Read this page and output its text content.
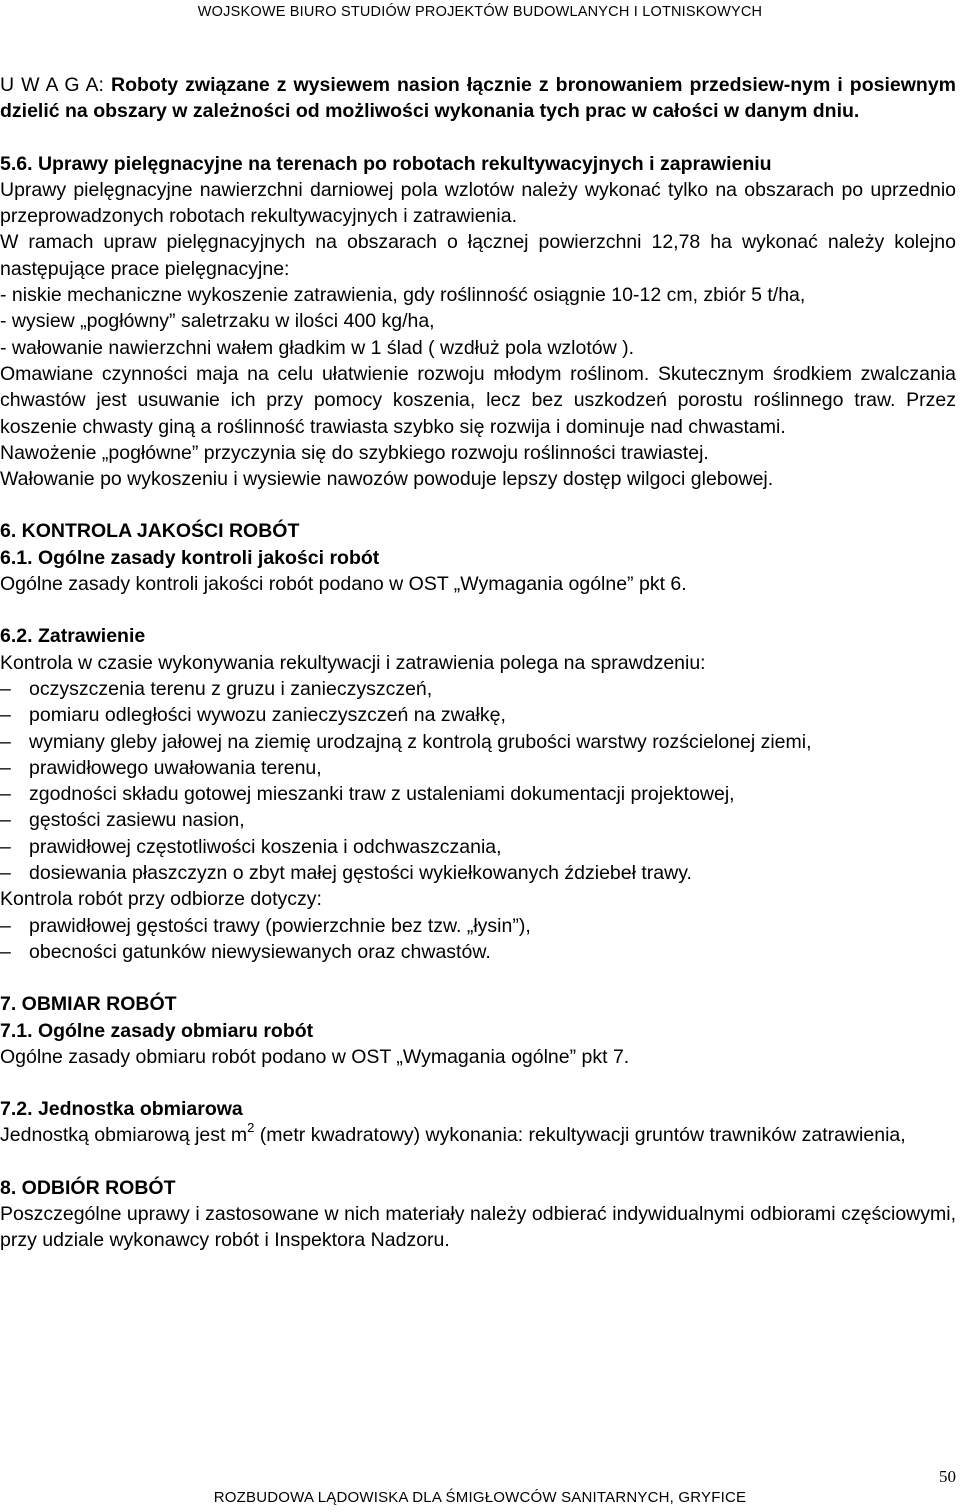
WOJSKOWE BIURO STUDIÓW PROJEKTÓW BUDOWLANYCH I LOTNISKOWYCH

U W A G A: Roboty związane z wysiewem nasion łącznie z bronowaniem przedsiew-nym i posiewnym dzielić na obszary w zależności od możliwości wykonania tych prac w całości w danym dniu.

5.6. Uprawy pielęgnacyjne na terenach po robotach rekultywacyjnych i zaprawieniu

Uprawy pielęgnacyjne nawierzchni darniowej pola wzlotów należy wykonać tylko na obszarach po uprzednio przeprowadzonych robotach rekultywacyjnych i zatrawienia.

W ramach upraw pielęgnacyjnych na obszarach o łącznej powierzchni 12,78 ha wykonać należy kolejno następujące prace pielęgnacyjne:

- niskie mechaniczne wykoszenie zatrawienia, gdy roślinność osiągnie 10-12 cm, zbiór 5 t/ha,

- wysiew „pogłówny” saletrzaku w ilości 400 kg/ha,

- wałowanie nawierzchni wałem gładkim w 1 ślad ( wzdłuż pola wzlotów ).

Omawiane czynności maja na celu ułatwienie rozwoju młodym roślinom. Skutecznym środkiem zwalczania chwastów jest usuwanie ich przy pomocy koszenia, lecz bez uszkodzeń porostu roślinnego traw. Przez koszenie chwasty giną a roślinność trawiasta szybko się rozwija i dominuje nad chwastami.

Nawożenie „pogłówne” przyczynia się do szybkiego rozwoju roślinności trawiastej.

Wałowanie po wykoszeniu i wysiewie nawozów powoduje lepszy dostęp wilgoci glebowej.

6. KONTROLA JAKOŚCI ROBÓT

6.1. Ogólne zasady kontroli jakości robót

Ogólne zasady kontroli jakości robót podano w OST „Wymagania ogólne” pkt 6.

6.2. Zatrawienie

Kontrola w czasie wykonywania rekultywacji i zatrawienia polega na sprawdzeniu:

– oczyszczenia terenu z gruzu i zanieczyszczeń,

– pomiaru odległości wywozu zanieczyszczeń na zwałkę,

– wymiany gleby jałowej na ziemię urodzajną z kontrolą grubości warstwy rozścielonej ziemi,

– prawidłowego uwałowania terenu,

– zgodności składu gotowej mieszanki traw z ustaleniami dokumentacji projektowej,

– gęstości zasiewu nasion,

– prawidłowej częstotliwości koszenia i odchwaszczania,

– dosiewania płaszczyzn o zbyt małej gęstości wykiełkowanych ździebeł trawy.

Kontrola robót przy odbiorze dotyczy:

– prawidłowej gęstości trawy (powierzchnie bez tzw. „łysin”),

– obecności gatunków niewysiewanych oraz chwastów.

7. OBMIAR ROBÓT

7.1. Ogólne zasady obmiaru robót

Ogólne zasady obmiaru robót podano w OST „Wymagania ogólne” pkt 7.

7.2. Jednostka obmiarowa

Jednostką obmiarową jest $m^2$ (metr kwadratowy) wykonania: rekultywacji gruntów trawników zatrawienia,

8. ODBIÓR ROBÓT

Poszczególne uprawy i zastosowane w nich materiały należy odbierać indywidualnymi odbiorami częściowymi, przy udziale wykonawcy robót i Inspektora Nadzoru.

50
ROZBUDOWA LĄDOWISKA DLA ŚMIGŁOWCÓW SANITARNYCH, GRYFICE
